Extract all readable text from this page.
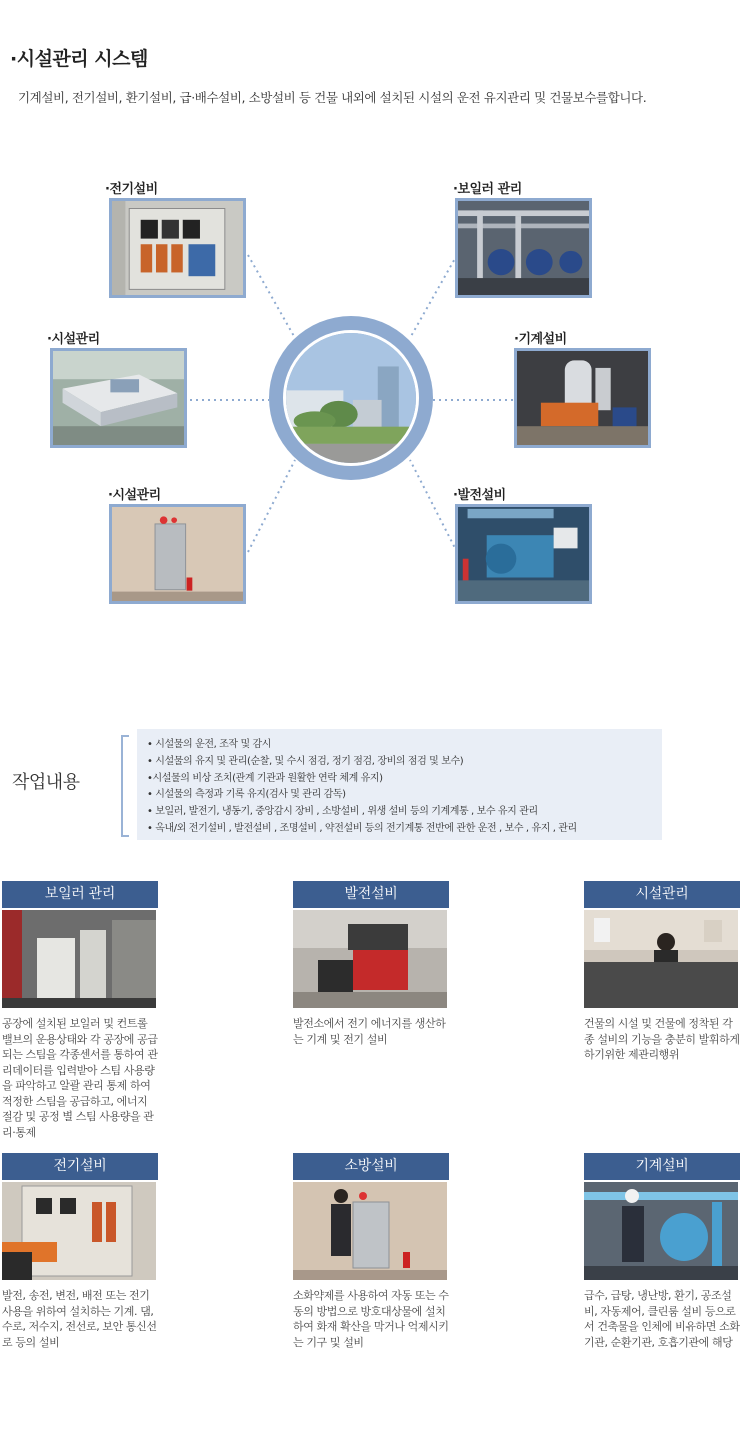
·시설관리 시스템
기계설비, 전기설비, 환기설비, 급·배수설비, 소방설비 등 건물 내외에 설치된 시설의 운전 유지관리 및 건물보수를합니다.
·전기설비	·보일러 관리
·시설관리	·기계설비
·시설관리	·발전설비
작업내용
• 시설물의 운전, 조작 및 감시
• 시설물의 유지 및 관리(순찰, 및 수시 점검, 정기 점검, 장비의 점검 및 보수)
•시설물의 비상 조치(관계 기관과 원활한 연락 체계 유지)
• 시설물의 측정과 기록 유지(검사 및 관리 감독)
• 보일러, 발전기, 냉동기, 중앙감시 장비 , 소방설비 , 위생 설비 등의 기계계통 , 보수 유지 관리
• 옥내/외 전기설비 , 발전설비 , 조명설비 , 약전설비 등의 전기계통 전반에 관한 운전 , 보수 , 유지 , 관리
보일러 관리
공장에 설치된 보일러 및 컨트롤 밸브의 운용상태와 각 공장에 공급되는 스팀을 각종센서를 통하여 관리데이터를 입력받아 스팀 사용량을 파악하고 알괄 관리 통제 하여 적정한 스팀을 공급하고, 에너지 절감 및 공정 별 스팀 사용량을 관리·통제
발전설비
발전소에서 전기 에너지를 생산하는 기계 및 전기 설비
시설관리
건물의 시설 및 건물에 정착된 각종 설비의 기능을 충분히 발휘하게 하기위한 제관리행위
전기설비
발전, 송전, 변전, 배전 또는 전기 사용을 위하여 설치하는 기계. 댐, 수로, 저수지, 전선로, 보안 통신선로 등의 설비
소방설비
소화약제를 사용하여 자동 또는 수동의 방법으로 방호대상물에 설치하여 화재 확산을 막거나 억제시키는 기구 및 설비
기계설비
급수, 급탕, 냉난방, 환기, 공조설비, 자동제어, 클린룸 설비 등으로서 건축물을 인체에 비유하면 소화기관, 순환기관, 호흡기관에 해당
